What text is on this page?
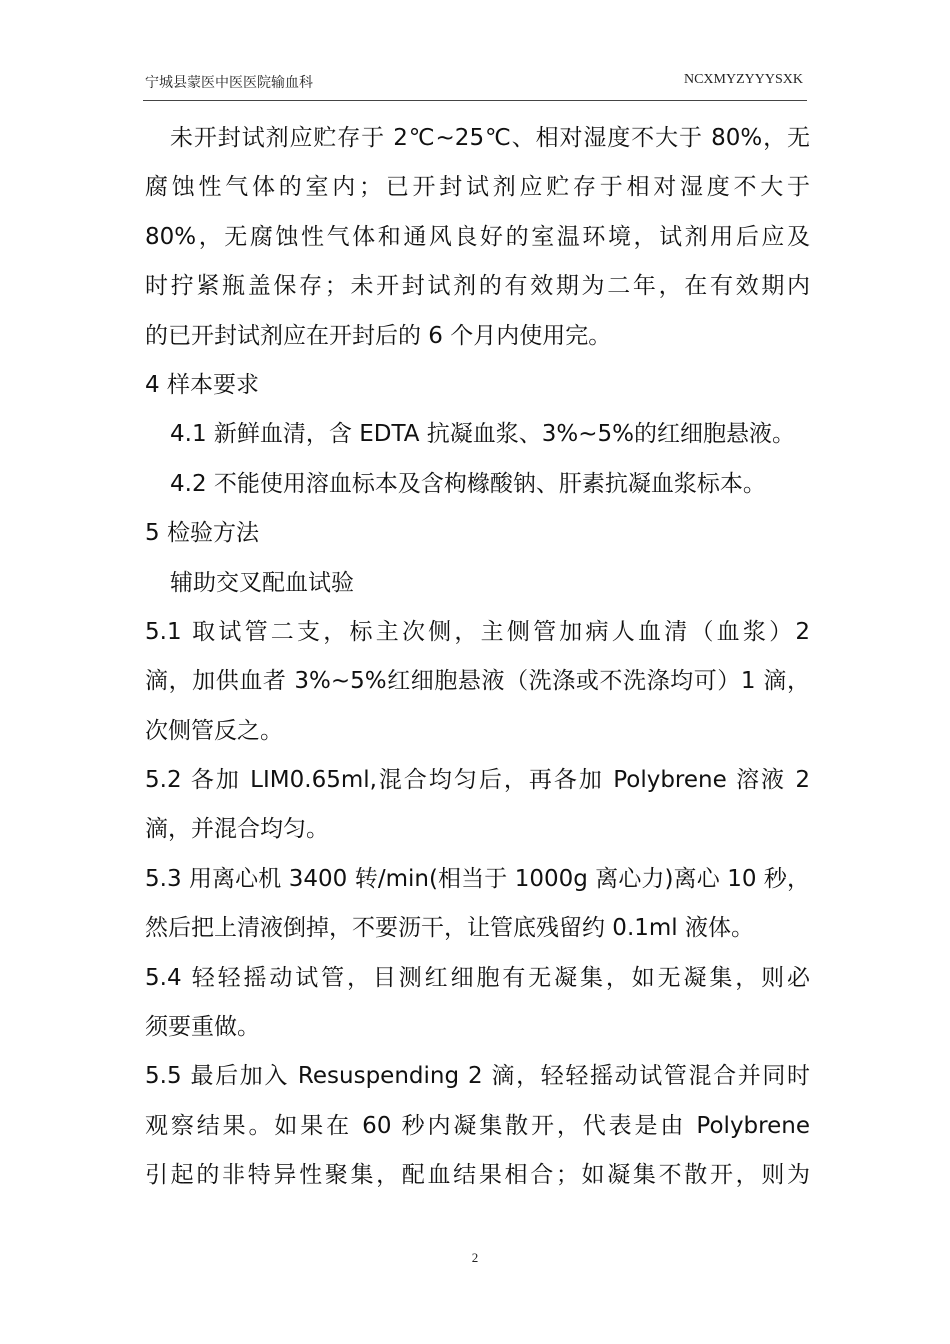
宁城县蒙医中医医院输血科	NCXMYZYYYSXK
未开封试剂应贮存于 2℃~25℃、相对湿度不大于 80%，无
腐蚀性气体的室内；已开封试剂应贮存于相对湿度不大于
80%，无腐蚀性气体和通风良好的室温环境，试剂用后应及
时拧紧瓶盖保存；未开封试剂的有效期为二年，在有效期内
的已开封试剂应在开封后的 6 个月内使用完。
4 样本要求
4.1 新鲜血清，含 EDTA 抗凝血浆、3%~5%的红细胞悬液。
4.2 不能使用溶血标本及含枸橼酸钠、肝素抗凝血浆标本。
5 检验方法
辅助交叉配血试验
5.1 取试管二支，标主次侧，主侧管加病人血清（血浆）2
滴，加供血者 3%~5%红细胞悬液（洗涤或不洗涤均可）1 滴，
次侧管反之。
5.2 各加 LIM0.65ml,混合均匀后，再各加 Polybrene 溶液 2
滴，并混合均匀。
5.3 用离心机 3400 转/min(相当于 1000g 离心力)离心 10 秒，
然后把上清液倒掉，不要沥干，让管底残留约 0.1ml 液体。
5.4 轻轻摇动试管，目测红细胞有无凝集，如无凝集，则必
须要重做。
5.5 最后加入 Resuspending 2 滴，轻轻摇动试管混合并同时
观察结果。如果在 60 秒内凝集散开，代表是由 Polybrene
引起的非特异性聚集，配血结果相合；如凝集不散开，则为
2
